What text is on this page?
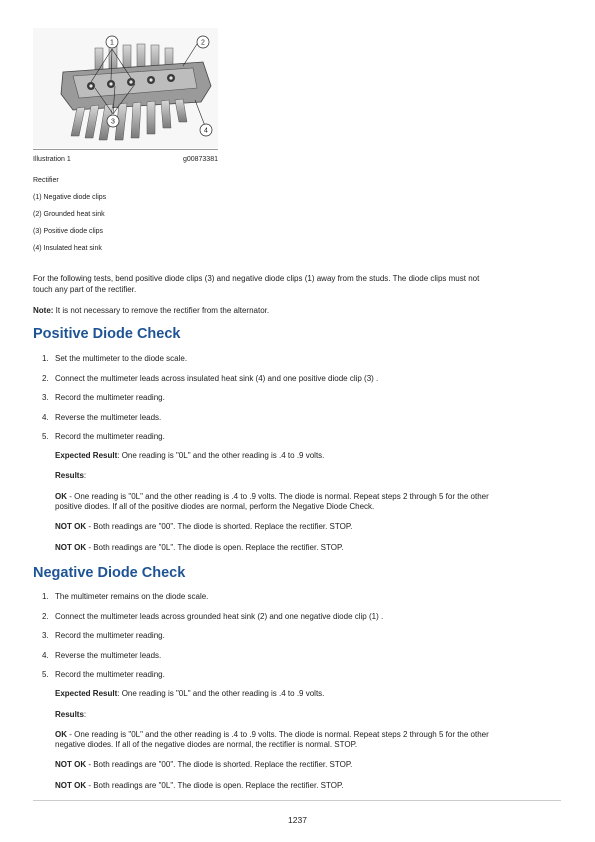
1	2
3
4
Illustration 1	g00873381
Rectifier
(1) Negative diode clips
(2) Grounded heat sink
(3) Positive diode clips
(4) Insulated heat sink
For the following tests, bend positive diode clips (3) and negative diode clips (1) away from the studs. The diode clips must not
touch any part of the rectifier.
Note: It is not necessary to remove the rectifier from the alternator.
Positive Diode Check
1. Set the multimeter to the diode scale.
2. Connect the multimeter leads across insulated heat sink (4) and one positive diode clip (3) .
3. Record the multimeter reading.
4. Reverse the multimeter leads.
5. Record the multimeter reading.
Expected Result: One reading is "0L" and the other reading is .4 to .9 volts.
Results:
OK - One reading is "0L" and the other reading is .4 to .9 volts. The diode is normal. Repeat steps 2 through 5 for the other
positive diodes. If all of the positive diodes are normal, perform the Negative Diode Check.
NOT OK - Both readings are "00". The diode is shorted. Replace the rectifier. STOP.
NOT OK - Both readings are "0L". The diode is open. Replace the rectifier. STOP.
Negative Diode Check
1. The multimeter remains on the diode scale.
2. Connect the multimeter leads across grounded heat sink (2) and one negative diode clip (1) .
3. Record the multimeter reading.
4. Reverse the multimeter leads.
5. Record the multimeter reading.
Expected Result: One reading is "0L" and the other reading is .4 to .9 volts.
Results:
OK - One reading is "0L" and the other reading is .4 to .9 volts. The diode is normal. Repeat steps 2 through 5 for the other
negative diodes. If all of the negative diodes are normal, the rectifier is normal. STOP.
NOT OK - Both readings are "00". The diode is shorted. Replace the rectifier. STOP.
NOT OK - Both readings are "0L". The diode is open. Replace the rectifier. STOP.
1237
